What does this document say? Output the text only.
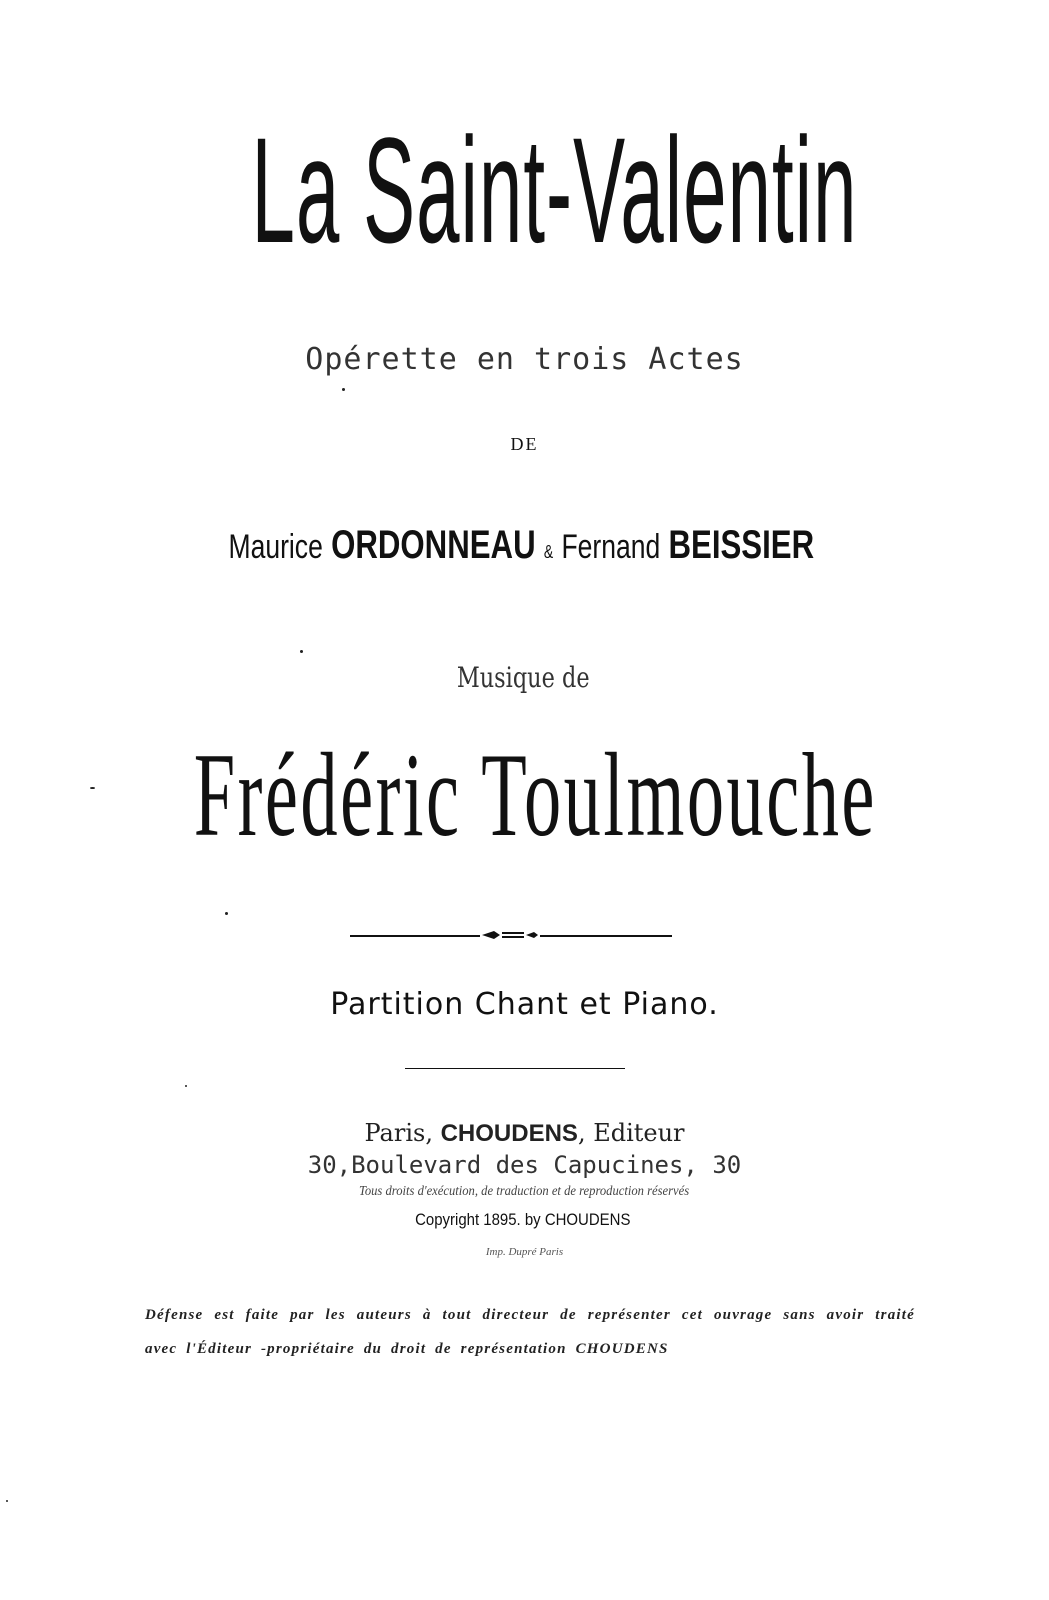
La Saint-Valentin
Opérette en trois Actes
DE
Maurice ORDONNEAU & Fernand BEISSIER
Musique de
Frédéric Toulmouche
Partition Chant et Piano.
Paris, CHOUDENS, Editeur
30,Boulevard des Capucines, 30
Tous droits d'exécution, de traduction et de reproduction réservés
Copyright 1895. by CHOUDENS
Imp. Dupré Paris
Défense est faite par les auteurs à tout directeur de représenter cet ouvrage sans avoir traité avec l'Éditeur -propriétaire du droit de représentation CHOUDENS
